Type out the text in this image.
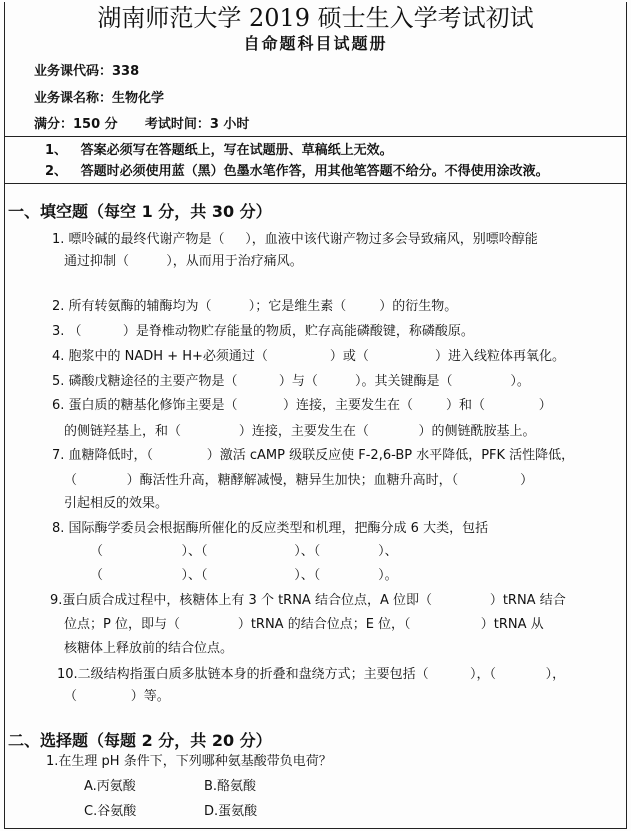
湖南师范大学 2019 硕士生入学考试初试
自命题科目试题册
业务课代码：338
业务课名称：生物化学
满分：150 分      考试时间：3 小时
1、   答案必须写在答题纸上，写在试题册、草稿纸上无效。
2、   答题时必须使用蓝（黑）色墨水笔作答，用其他笔答题不给分。不得使用涂改液。
一、填空题（每空 1 分，共 30 分）
1. 嘌呤碱的最终代谢产物是（     ），血液中该代谢产物过多会导致痛风，别嘌呤醇能
通过抑制（         ），从而用于治疗痛风。
2. 所有转氨酶的辅酶均为（         ）；它是维生素（        ）的衍生物。
3. （          ）是脊椎动物贮存能量的物质，贮存高能磷酸键，称磷酸原。
4. 胞浆中的 NADH + H+必须通过（               ）或（                ）进入线粒体再氧化。
5. 磷酸戊糖途径的主要产物是（          ）与（         ）。其关键酶是（              ）。
6. 蛋白质的糖基化修饰主要是（           ）连接，主要发生在（        ）和（             ）
的侧链羟基上，和（              ）连接，主要发生在（            ）的侧链酰胺基上。
7. 血糖降低时，（             ）激活 cAMP 级联反应使 F-2,6-BP 水平降低，PFK 活性降低，
（            ）酶活性升高，糖酵解减慢，糖异生加快；血糖升高时，（               ）
引起相反的效果。
8. 国际酶学委员会根据酶所催化的反应类型和机理，把酶分成 6 大类，包括
（                   ）、（                     ）、（              ）、
（                   ）、（                     ）、（              ）。
9.蛋白质合成过程中，核糖体上有 3 个 tRNA 结合位点，A 位即（              ）tRNA 结合
位点；P 位，即与（              ）tRNA 的结合位点；E 位，（                 ）tRNA 从
核糖体上释放前的结合位点。
10.二级结构指蛋白质多肽链本身的折叠和盘绕方式；主要包括（          ），（            ），
（             ）等。
二、选择题（每题 2 分，共 20 分）
1.在生理 pH 条件下，下列哪种氨基酸带负电荷？
A.丙氨酸	B.酪氨酸
C.谷氨酸	D.蛋氨酸
